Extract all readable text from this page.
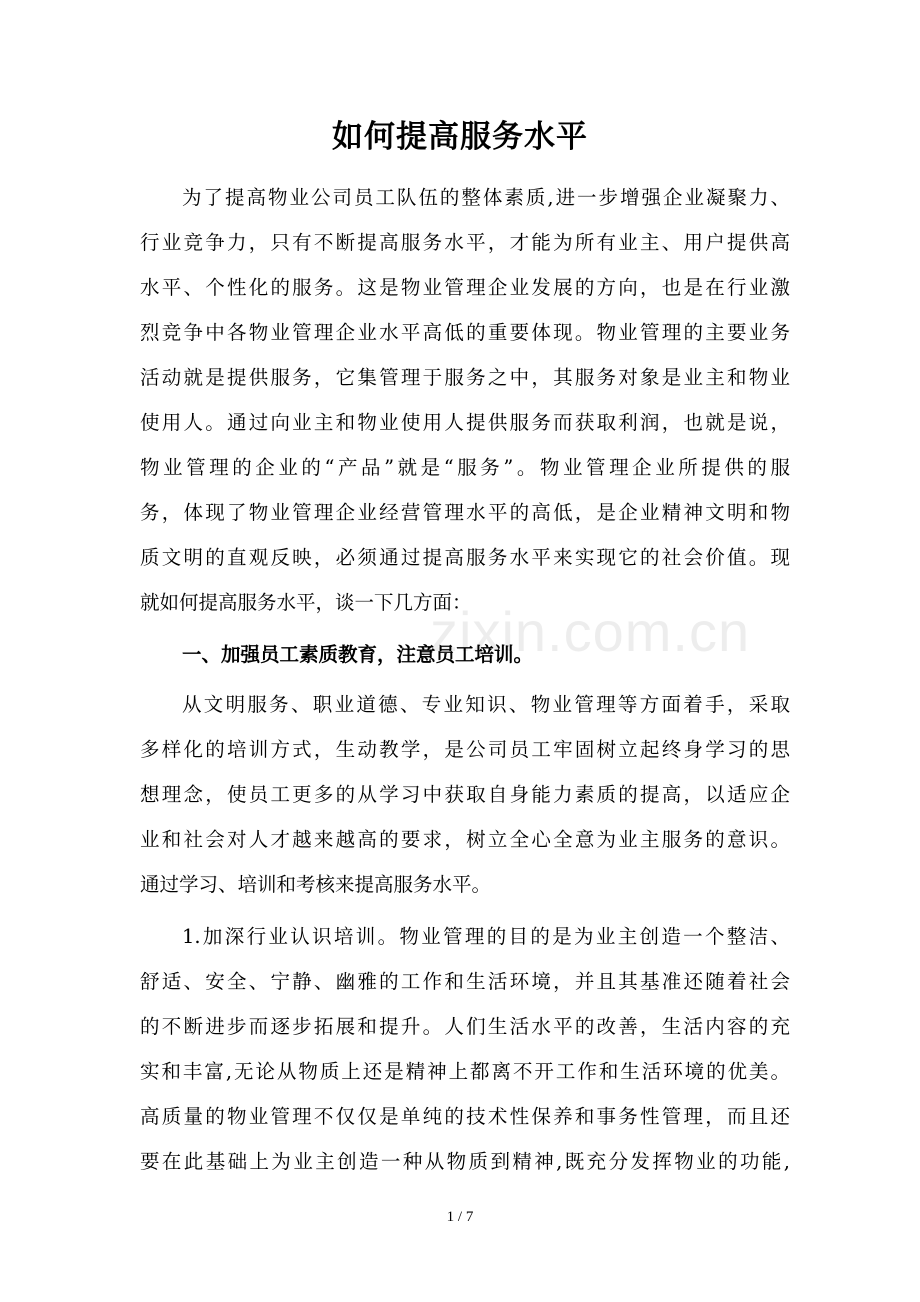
如何提高服务水平
为了提高物业公司员工队伍的整体素质,进一步增强企业凝聚力、
行业竞争力，只有不断提高服务水平，才能为所有业主、用户提供高
水平、个性化的服务。这是物业管理企业发展的方向，也是在行业激
烈竞争中各物业管理企业水平高低的重要体现。物业管理的主要业务
活动就是提供服务，它集管理于服务之中，其服务对象是业主和物业
使用人。通过向业主和物业使用人提供服务而获取利润，也就是说，
物业管理的企业的“产品”就是“服务”。物业管理企业所提供的服
务，体现了物业管理企业经营管理水平的高低，是企业精神文明和物
质文明的直观反映，必须通过提高服务水平来实现它的社会价值。现
就如何提高服务水平，谈一下几方面：
一、加强员工素质教育，注意员工培训。
从文明服务、职业道德、专业知识、物业管理等方面着手，采取
多样化的培训方式，生动教学，是公司员工牢固树立起终身学习的思
想理念，使员工更多的从学习中获取自身能力素质的提高，以适应企
业和社会对人才越来越高的要求，树立全心全意为业主服务的意识。
通过学习、培训和考核来提高服务水平。
1.加深行业认识培训。物业管理的目的是为业主创造一个整洁、
舒适、安全、宁静、幽雅的工作和生活环境，并且其基准还随着社会
的不断进步而逐步拓展和提升。人们生活水平的改善，生活内容的充
实和丰富,无论从物质上还是精神上都离不开工作和生活环境的优美。
高质量的物业管理不仅仅是单纯的技术性保养和事务性管理，而且还
要在此基础上为业主创造一种从物质到精神,既充分发挥物业的功能,
zixin.com.cn
1 / 7
